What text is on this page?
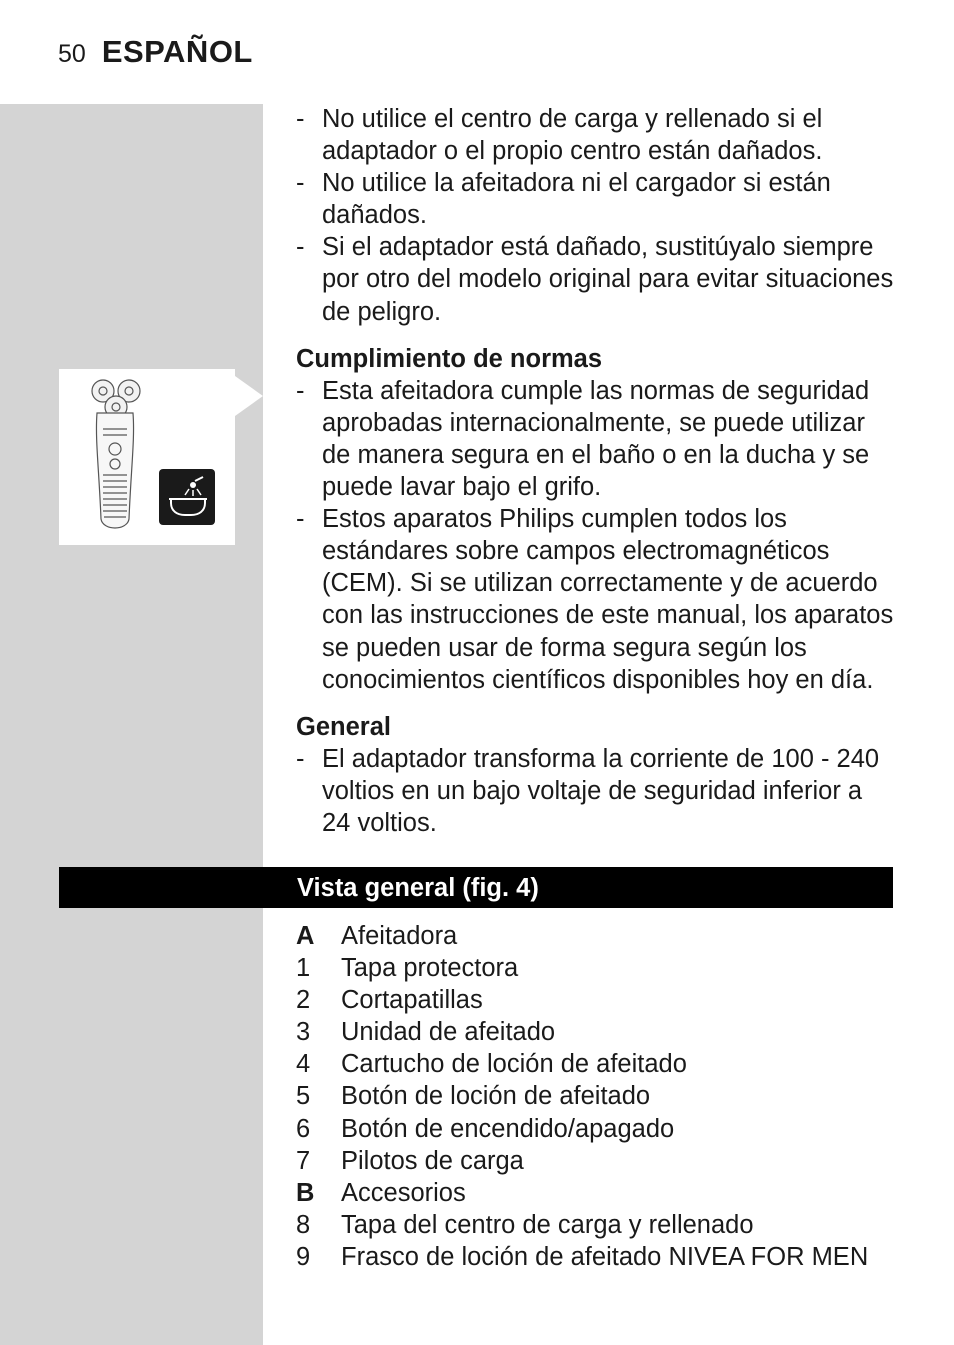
50 ESPAÑOL
- No utilice el centro de carga y rellenado si el adaptador o el propio centro están dañados.
- No utilice la afeitadora ni el cargador si están dañados.
- Si el adaptador está dañado, sustitúyalo siempre por otro del modelo original para evitar situaciones de peligro.
Cumplimiento de normas
- Esta afeitadora cumple las normas de seguridad aprobadas internacionalmente, se puede utilizar de manera segura en el baño o en la ducha y se puede lavar bajo el grifo.
- Estos aparatos Philips cumplen todos los estándares sobre campos electromagnéticos (CEM). Si se utilizan correctamente y de acuerdo con las instrucciones de este manual, los aparatos se pueden usar de forma segura según los conocimientos científicos disponibles hoy en día.
General
- El adaptador transforma la corriente de 100 - 240 voltios en un bajo voltaje de seguridad inferior a 24 voltios.
Vista general (fig. 4)
A	Afeitadora
1	Tapa protectora
2	Cortapatillas
3	Unidad de afeitado
4	Cartucho de loción de afeitado
5	Botón de loción de afeitado
6	Botón de encendido/apagado
7	Pilotos de carga
B	Accesorios
8	Tapa del centro de carga y rellenado
9	Frasco de loción de afeitado NIVEA FOR MEN
